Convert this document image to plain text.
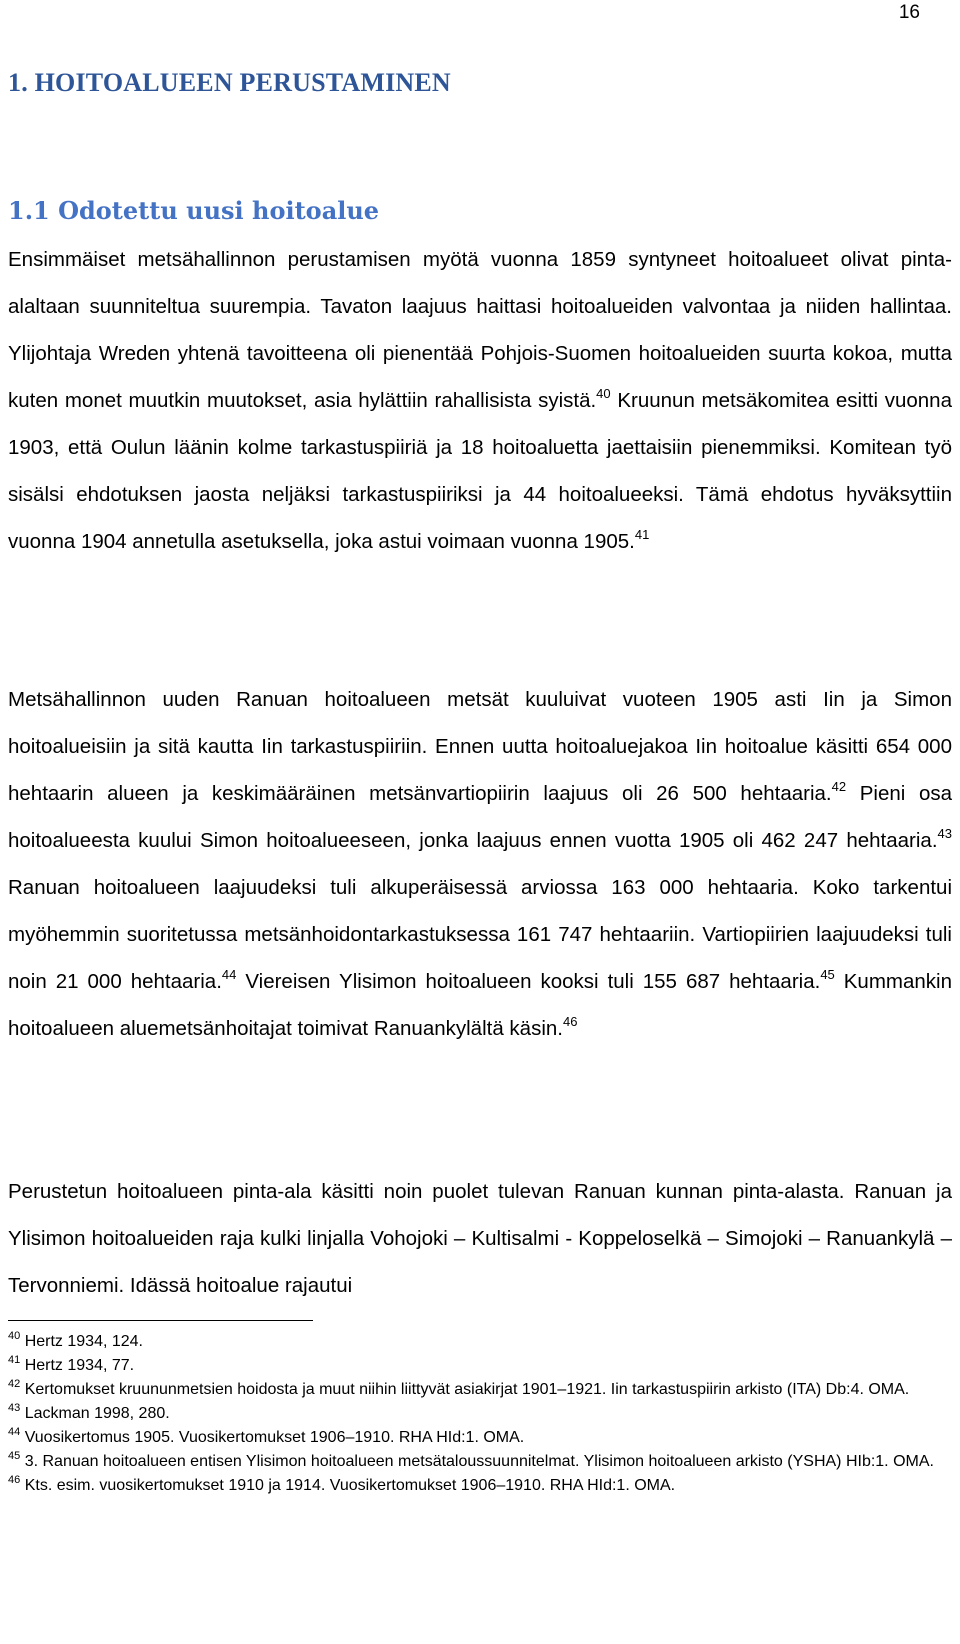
16
1. HOITOALUEEN PERUSTAMINEN
1.1 Odotettu uusi hoitoalue

Ensimmäiset metsähallinnon perustamisen myötä vuonna 1859 syntyneet hoitoalueet olivat pinta-alaltaan suunniteltua suurempia. Tavaton laajuus haittasi hoitoalueiden valvontaa ja niiden hallintaa. Ylijohtaja Wreden yhtenä tavoitteena oli pienentää Pohjois-Suomen hoitoalueiden suurta kokoa, mutta kuten monet muutkin muutokset, asia hylättiin rahallisista syistä.$^{40}$ Kruunun metsäkomitea esitti vuonna 1903, että Oulun läänin kolme tarkastuspiiriä ja 18 hoitoaluetta jaettaisiin pienemmiksi. Komitean työ sisälsi ehdotuksen jaosta neljäksi tarkastuspiiriksi ja 44 hoitoalueeksi. Tämä ehdotus hyväksyttiin vuonna 1904 annetulla asetuksella, joka astui voimaan vuonna 1905.41

Metsähallinnon uuden Ranuan hoitoalueen metsät kuuluivat vuoteen 1905 asti Iin ja Simon hoitoalueisiin ja sitä kautta Iin tarkastuspiiriin. Ennen uutta hoitoaluejakoa Iin hoitoalue käsitti 654 000 hehtaarin alueen ja keskimääräinen metsänvartiopiirin laajuus oli 26 500 hehtaaria.$^{42}$ Pieni osa hoitoalueesta kuului Simon hoitoalueeseen, jonka laajuus ennen vuotta 1905 oli 462 247 hehtaaria.$^{43}$ Ranuan hoitoalueen laajuudeksi tuli alkuperäisessä arviossa 163 000 hehtaaria. Koko tarkentui myöhemmin suoritetussa metsänhoidontarkastuksessa 161 747 hehtaariin. Vartiopiirien laajuudeksi tuli noin 21 000 hehtaaria.$^{44}$ Viereisen Ylisimon hoitoalueen kooksi tuli 155 687 hehtaaria.$^{45}$ Kummankin hoitoalueen aluemetsänhoitajat toimivat Ranuankylältä käsin.$^{46}$

Perustetun hoitoalueen pinta-ala käsitti noin puolet tulevan Ranuan kunnan pinta-alasta. Ranuan ja Ylisimon hoitoalueiden raja kulki linjalla Vohojoki – Kultisalmi - Koppeloselkä – Simojoki – Ranuankylä – Tervonniemi. Idässä hoitoalue rajautui

$^{40}$ Hertz 1934, 124.
$^{41}$ Hertz 1934, 77.
$^{42}$ Kertomukset kruununmetsien hoidosta ja muut niihin liittyvät asiakirjat 1901–1921. Iin tarkastuspiirin arkisto (ITA) Db:4. OMA.
$^{43}$ Lackman 1998, 280.
$^{44}$ Vuosikertomus 1905. Vuosikertomukset 1906–1910. RHA HId:1. OMA.
$^{45}$ 3. Ranuan hoitoalueen entisen Ylisimon hoitoalueen metsätaloussuunnitelmat. Ylisimon hoitoalueen arkisto (YSHA) HIb:1. OMA.
$^{46}$ Kts. esim. vuosikertomukset 1910 ja 1914. Vuosikertomukset 1906–1910. RHA HId:1. OMA.
